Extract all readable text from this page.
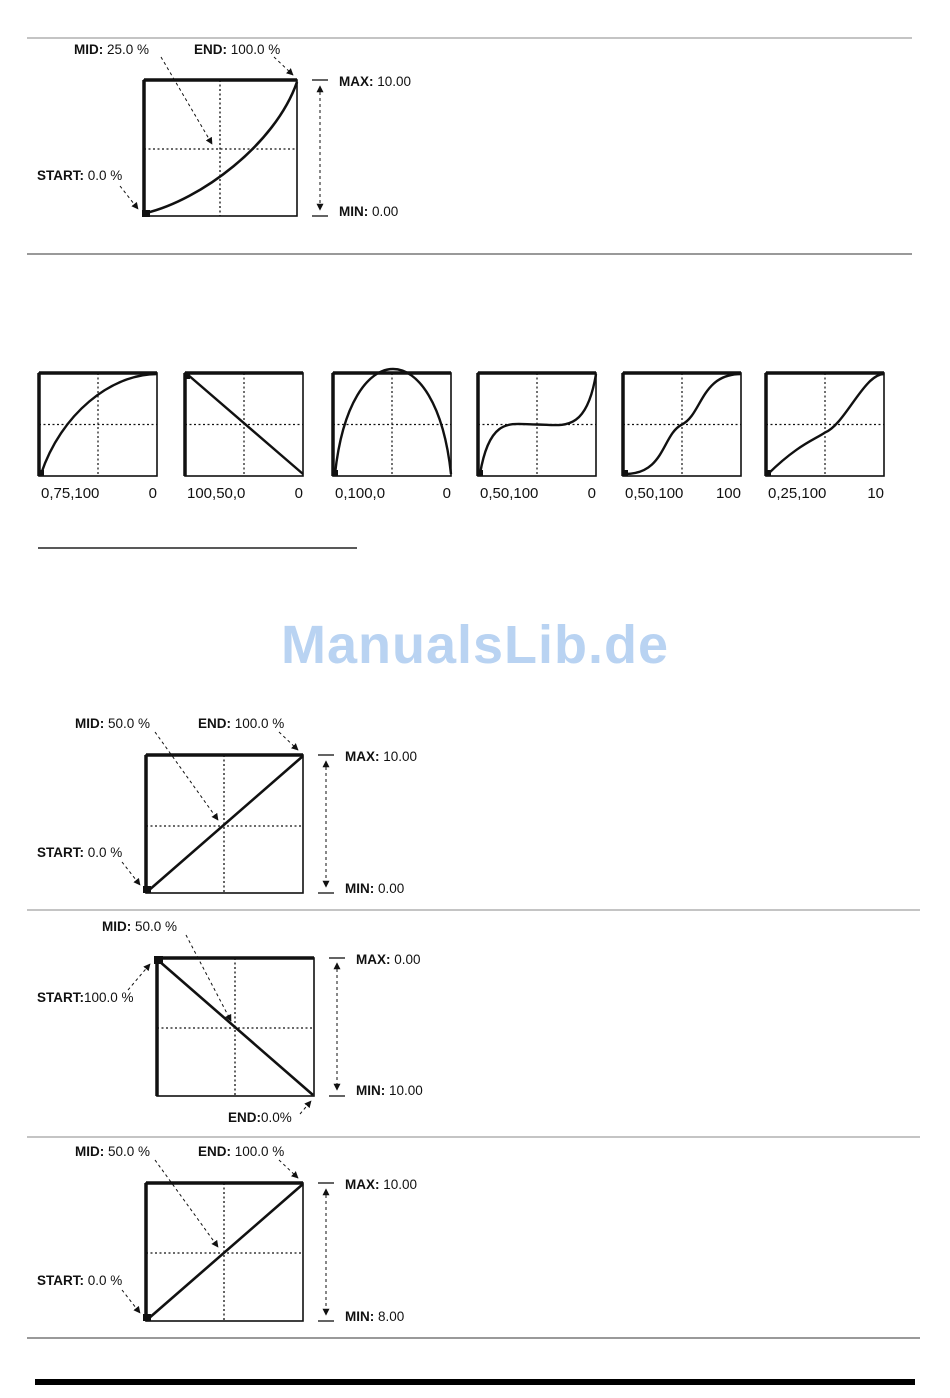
MID: 25.0 %	END: 100.0 %
START: 0.0 %
MAX: 10.00
MIN: 0.00
0,75,100	0 100,50,0	0 0,100,0	0 0,50,100	0 0,50,100 100 0,25,100	10
MID: 50.0 %	END: 100.0 %
START: 0.0 %
MAX: 10.00
MIN: 0.00
MID: 50.0 %
START:100.0 %
END:0.0%
MAX: 0.00
MIN: 10.00
MID: 50.0 %	END: 100.0 %
START: 0.0 %
MAX: 10.00
MIN: 8.00
ManualsLib.de
